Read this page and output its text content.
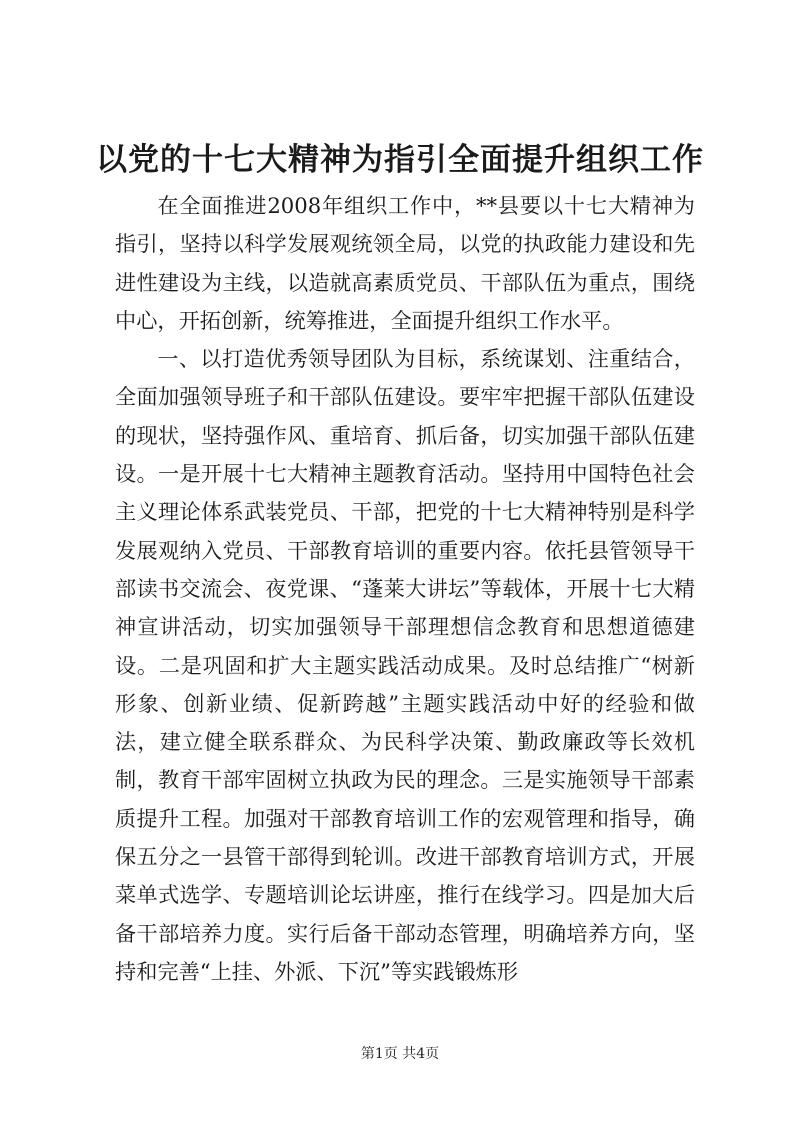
以党的十七大精神为指引全面提升组织工作

在全面推进2008年组织工作中，**县要以十七大精神为指引，坚持以科学发展观统领全局，以党的执政能力建设和先进性建设为主线，以造就高素质党员、干部队伍为重点，围绕中心，开拓创新，统筹推进，全面提升组织工作水平。

一、以打造优秀领导团队为目标，系统谋划、注重结合，全面加强领导班子和干部队伍建设。要牢牢把握干部队伍建设的现状，坚持强作风、重培育、抓后备，切实加强干部队伍建设。一是开展十七大精神主题教育活动。坚持用中国特色社会主义理论体系武装党员、干部，把党的十七大精神特别是科学发展观纳入党员、干部教育培训的重要内容。依托县管领导干部读书交流会、夜党课、“蓬莱大讲坛”等载体，开展十七大精神宣讲活动，切实加强领导干部理想信念教育和思想道德建设。二是巩固和扩大主题实践活动成果。及时总结推广“树新形象、创新业绩、促新跨越”主题实践活动中好的经验和做法，建立健全联系群众、为民科学决策、勤政廉政等长效机制，教育干部牢固树立执政为民的理念。三是实施领导干部素质提升工程。加强对干部教育培训工作的宏观管理和指导，确保五分之一县管干部得到轮训。改进干部教育培训方式，开展菜单式选学、专题培训论坛讲座，推行在线学习。四是加大后备干部培养力度。实行后备干部动态管理，明确培养方向，坚持和完善“上挂、外派、下沉”等实践锻炼形

第1页 共4页
